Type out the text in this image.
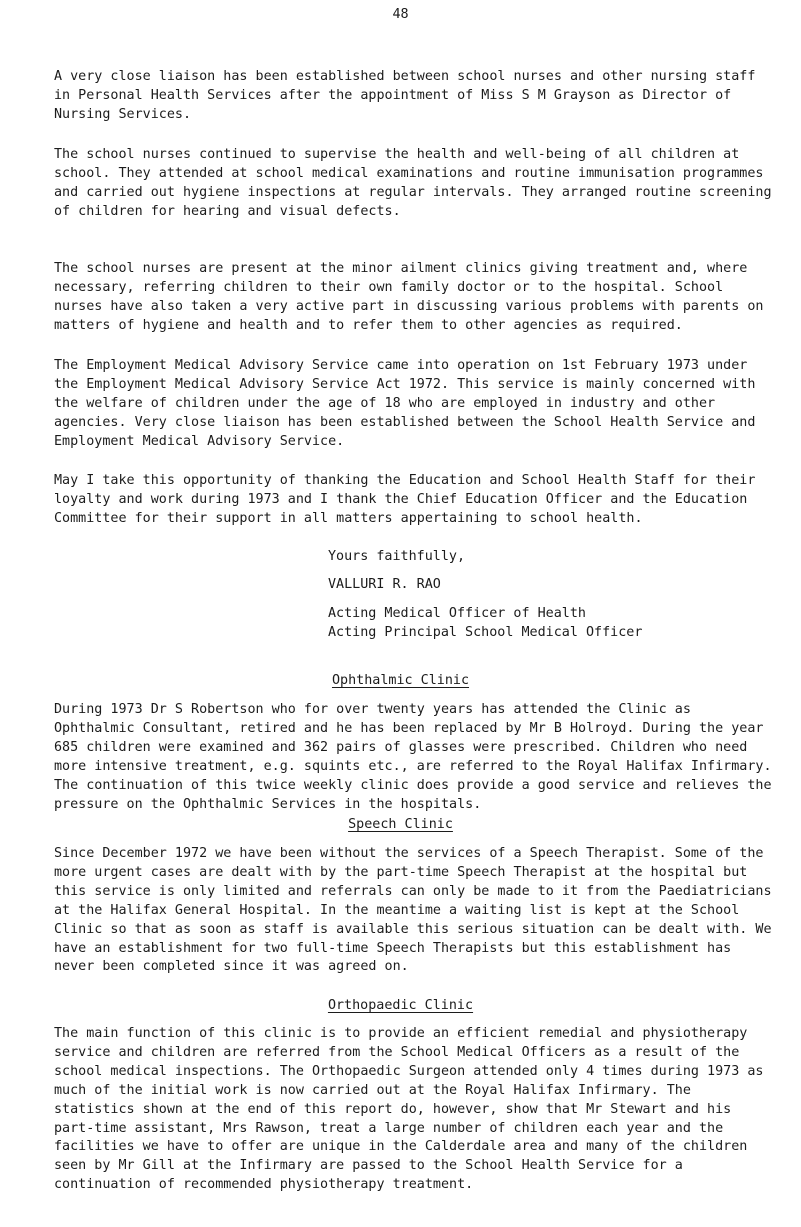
48

A very close liaison has been established between school nurses and other nursing staff in Personal Health Services after the appointment of Miss S M Grayson as Director of Nursing Services.

The school nurses continued to supervise the health and well-being of all children at school. They attended at school medical examinations and routine immunisation programmes and carried out hygiene inspections at regular intervals. They arranged routine screening of children for hearing and visual defects.

The school nurses are present at the minor ailment clinics giving treatment and, where necessary, referring children to their own family doctor or to the hospital. School nurses have also taken a very active part in discussing various problems with parents on matters of hygiene and health and to refer them to other agencies as required.

The Employment Medical Advisory Service came into operation on 1st February 1973 under the Employment Medical Advisory Service Act 1972. This service is mainly concerned with the welfare of children under the age of 18 who are employed in industry and other agencies. Very close liaison has been established between the School Health Service and Employment Medical Advisory Service.

May I take this opportunity of thanking the Education and School Health Staff for their loyalty and work during 1973 and I thank the Chief Education Officer and the Education Committee for their support in all matters appertaining to school health.

Yours faithfully,

VALLURI R. RAO

Acting Medical Officer of Health

Acting Principal School Medical Officer

Ophthalmic Clinic

During 1973 Dr S Robertson who for over twenty years has attended the Clinic as Ophthalmic Consultant, retired and he has been replaced by Mr B Holroyd. During the year 685 children were examined and 362 pairs of glasses were prescribed. Children who need more intensive treatment, e.g. squints etc., are referred to the Royal Halifax Infirmary. The continuation of this twice weekly clinic does provide a good service and relieves the pressure on the Ophthalmic Services in the hospitals.

Speech Clinic

Since December 1972 we have been without the services of a Speech Therapist. Some of the more urgent cases are dealt with by the part-time Speech Therapist at the hospital but this service is only limited and referrals can only be made to it from the Paediatricians at the Halifax General Hospital. In the meantime a waiting list is kept at the School Clinic so that as soon as staff is available this serious situation can be dealt with. We have an establishment for two full-time Speech Therapists but this establishment has never been completed since it was agreed on.

Orthopaedic Clinic

The main function of this clinic is to provide an efficient remedial and physiotherapy service and children are referred from the School Medical Officers as a result of the school medical inspections. The Orthopaedic Surgeon attended only 4 times during 1973 as much of the initial work is now carried out at the Royal Halifax Infirmary. The statistics shown at the end of this report do, however, show that Mr Stewart and his part-time assistant, Mrs Rawson, treat a large number of children each year and the facilities we have to offer are unique in the Calderdale area and many of the children seen by Mr Gill at the Infirmary are passed to the School Health Service for a continuation of recommended physiotherapy treatment.
